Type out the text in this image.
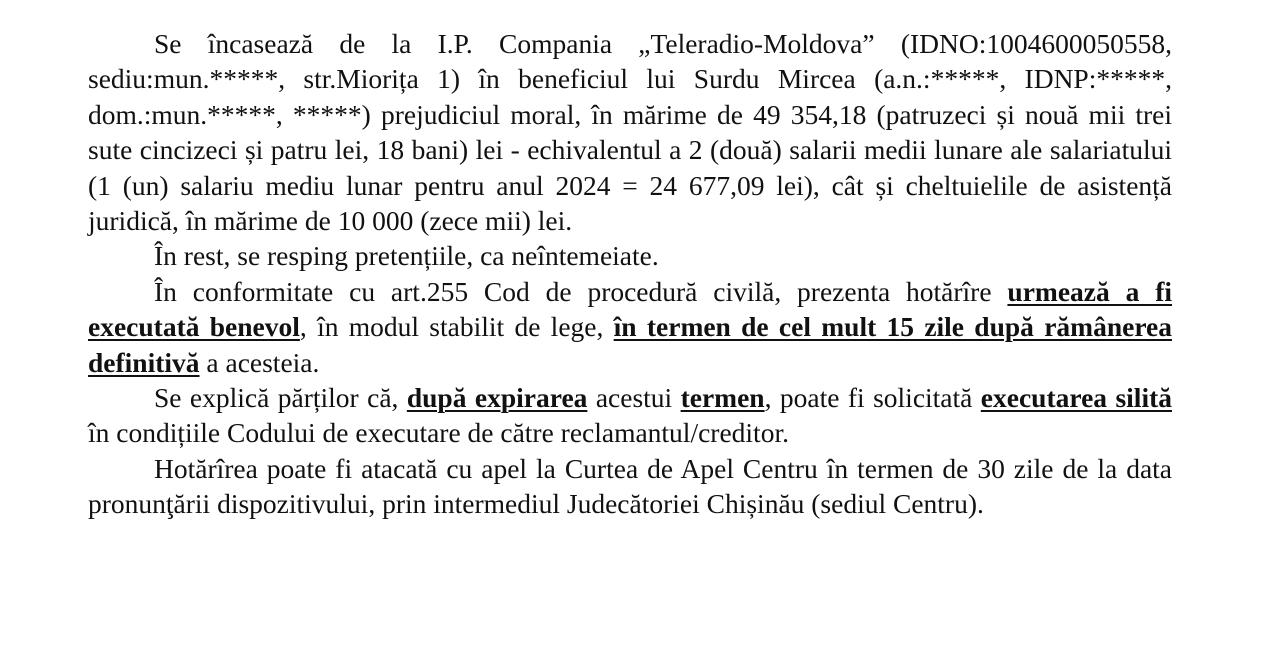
Se încasează de la I.P. Compania „Teleradio-Moldova” (IDNO:1004600050558, sediu:mun.*****, str.Miorița 1) în beneficiul lui Surdu Mircea (a.n.:*****, IDNP:*****, dom.:mun.*****, *****) prejudiciul moral, în mărime de 49 354,18 (patruzeci și nouă mii trei sute cincizeci și patru lei, 18 bani) lei - echivalentul a 2 (două) salarii medii lunare ale salariatului (1 (un) salariu mediu lunar pentru anul 2024 = 24 677,09 lei), cât și cheltuielile de asistență juridică, în mărime de 10 000 (zece mii) lei.

În rest, se resping pretențiile, ca neîntemeiate.

În conformitate cu art.255 Cod de procedură civilă, prezenta hotărîre urmează a fi executată benevol, în modul stabilit de lege, în termen de cel mult 15 zile după rămânerea definitivă a acesteia.

Se explică părților că, după expirarea acestui termen, poate fi solicitată executarea silită în condițiile Codului de executare de către reclamantul/creditor.

Hotărîrea poate fi atacată cu apel la Curtea de Apel Centru în termen de 30 zile de la data pronunţării dispozitivului, prin intermediul Judecătoriei Chișinău (sediul Centru).
